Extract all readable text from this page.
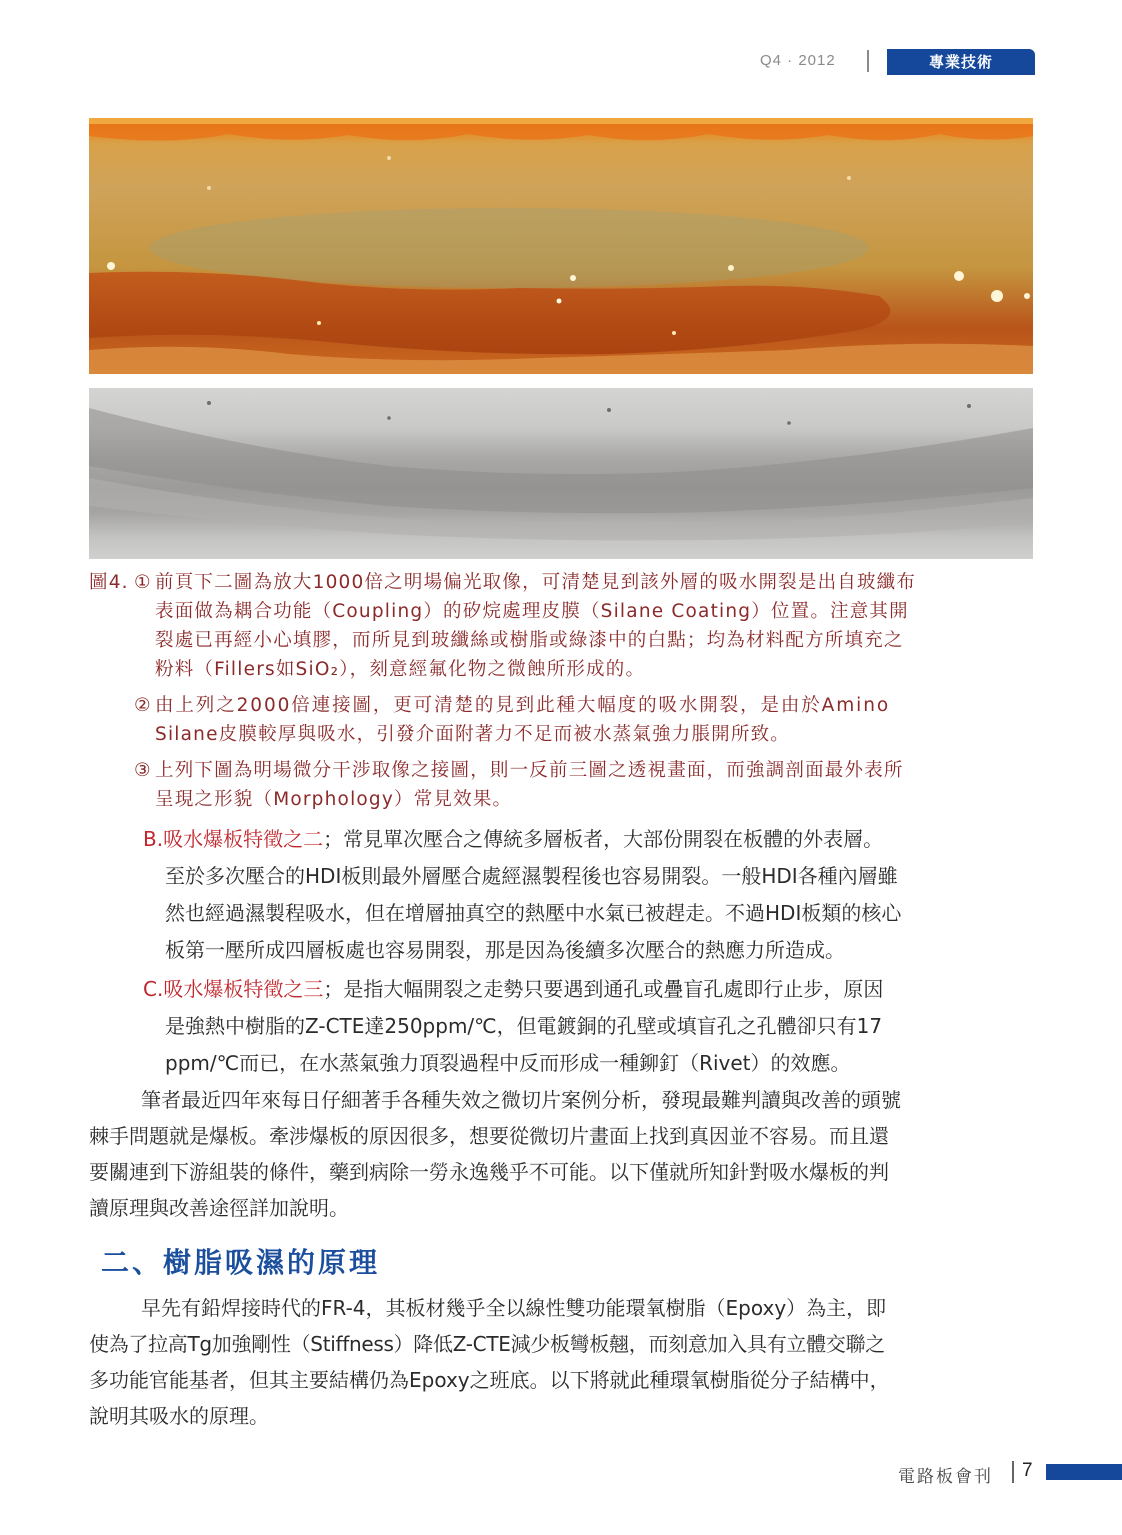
Q4 · 2012	專業技術
圖4. ① 前頁下二圖為放大1000倍之明場偏光取像，可清楚見到該外層的吸水開裂是出自玻纖布
表面做為耦合功能（Coupling）的矽烷處理皮膜（Silane Coating）位置。注意其開
裂處已再經小心填膠，而所見到玻纖絲或樹脂或綠漆中的白點；均為材料配方所填充之
粉料（Fillers如SiO₂），刻意經氟化物之微蝕所形成的。
② 由上列之2000倍連接圖，更可清楚的見到此種大幅度的吸水開裂，是由於Amino
Silane皮膜較厚與吸水，引發介面附著力不足而被水蒸氣強力脹開所致。
③ 上列下圖為明場微分干涉取像之接圖，則一反前三圖之透視畫面，而強調剖面最外表所
呈現之形貌（Morphology）常見效果。
B.吸水爆板特徵之二；常見單次壓合之傳統多層板者，大部份開裂在板體的外表層。
至於多次壓合的HDI板則最外層壓合處經濕製程後也容易開裂。一般HDI各種內層雖
然也經過濕製程吸水，但在增層抽真空的熱壓中水氣已被趕走。不過HDI板類的核心
板第一壓所成四層板處也容易開裂，那是因為後續多次壓合的熱應力所造成。
C.吸水爆板特徵之三；是指大幅開裂之走勢只要遇到通孔或疊盲孔處即行止步，原因
是強熱中樹脂的Z-CTE達250ppm/℃，但電鍍銅的孔壁或填盲孔之孔體卻只有17
ppm/℃而已，在水蒸氣強力頂裂過程中反而形成一種鉚釘（Rivet）的效應。
筆者最近四年來每日仔細著手各種失效之微切片案例分析，發現最難判讀與改善的頭號
棘手問題就是爆板。牽涉爆板的原因很多，想要從微切片畫面上找到真因並不容易。而且還
要關連到下游組裝的條件，藥到病除一勞永逸幾乎不可能。以下僅就所知針對吸水爆板的判
讀原理與改善途徑詳加說明。
二、樹脂吸濕的原理
早先有鉛焊接時代的FR-4，其板材幾乎全以線性雙功能環氧樹脂（Epoxy）為主，即
使為了拉高Tg加強剛性（Stiffness）降低Z-CTE減少板彎板翹，而刻意加入具有立體交聯之
多功能官能基者，但其主要結構仍為Epoxy之班底。以下將就此種環氧樹脂從分子結構中，
說明其吸水的原理。
電路板會刊 7
